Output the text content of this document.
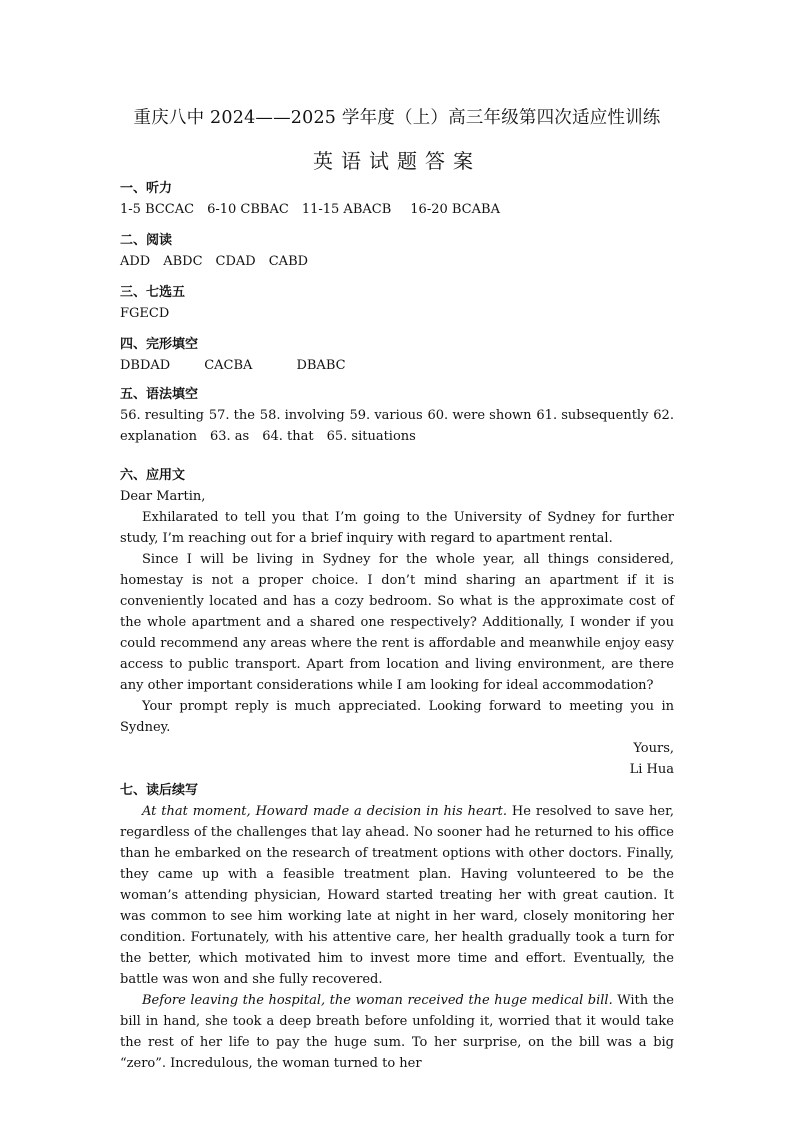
重庆八中 2024——2025 学年度（上）高三年级第四次适应性训练
英语试题答案
一、听力
1-5 BCCAC 6-10 CBBAC 11-15 ABACB 16-20 BCABA
二、阅读
ADD ABDC CDAD CABD
三、七选五
FGECD
四、完形填空
DBDAD	CACBA	DBABC
五、语法填空
56. resulting 57. the 58. involving 59. various 60. were shown 61. subsequently 62.
explanation 63. as 64. that 65. situations
六、应用文
Dear Martin,

Exhilarated to tell you that I’m going to the University of Sydney for further study, I’m reaching out for a brief inquiry with regard to apartment rental.

Since I will be living in Sydney for the whole year, all things considered, homestay is not a proper choice. I don’t mind sharing an apartment if it is conveniently located and has a cozy bedroom. So what is the approximate cost of the whole apartment and a shared one respectively? Additionally, I wonder if you could recommend any areas where the rent is affordable and meanwhile enjoy easy access to public transport. Apart from location and living environment, are there any other important considerations while I am looking for ideal accommodation?

Your prompt reply is much appreciated. Looking forward to meeting you in Sydney.

Yours,
Li Hua
七、读后续写

At that moment, Howard made a decision in his heart. He resolved to save her, regardless of the challenges that lay ahead. No sooner had he returned to his office than he embarked on the research of treatment options with other doctors. Finally, they came up with a feasible treatment plan. Having volunteered to be the woman’s attending physician, Howard started treating her with great caution. It was common to see him working late at night in her ward, closely monitoring her condition. Fortunately, with his attentive care, her health gradually took a turn for the better, which motivated him to invest more time and effort. Eventually, the battle was won and she fully recovered.

Before leaving the hospital, the woman received the huge medical bill. With the bill in hand, she took a deep breath before unfolding it, worried that it would take the rest of her life to pay the huge sum. To her surprise, on the bill was a big “zero”. Incredulous, the woman turned to her
